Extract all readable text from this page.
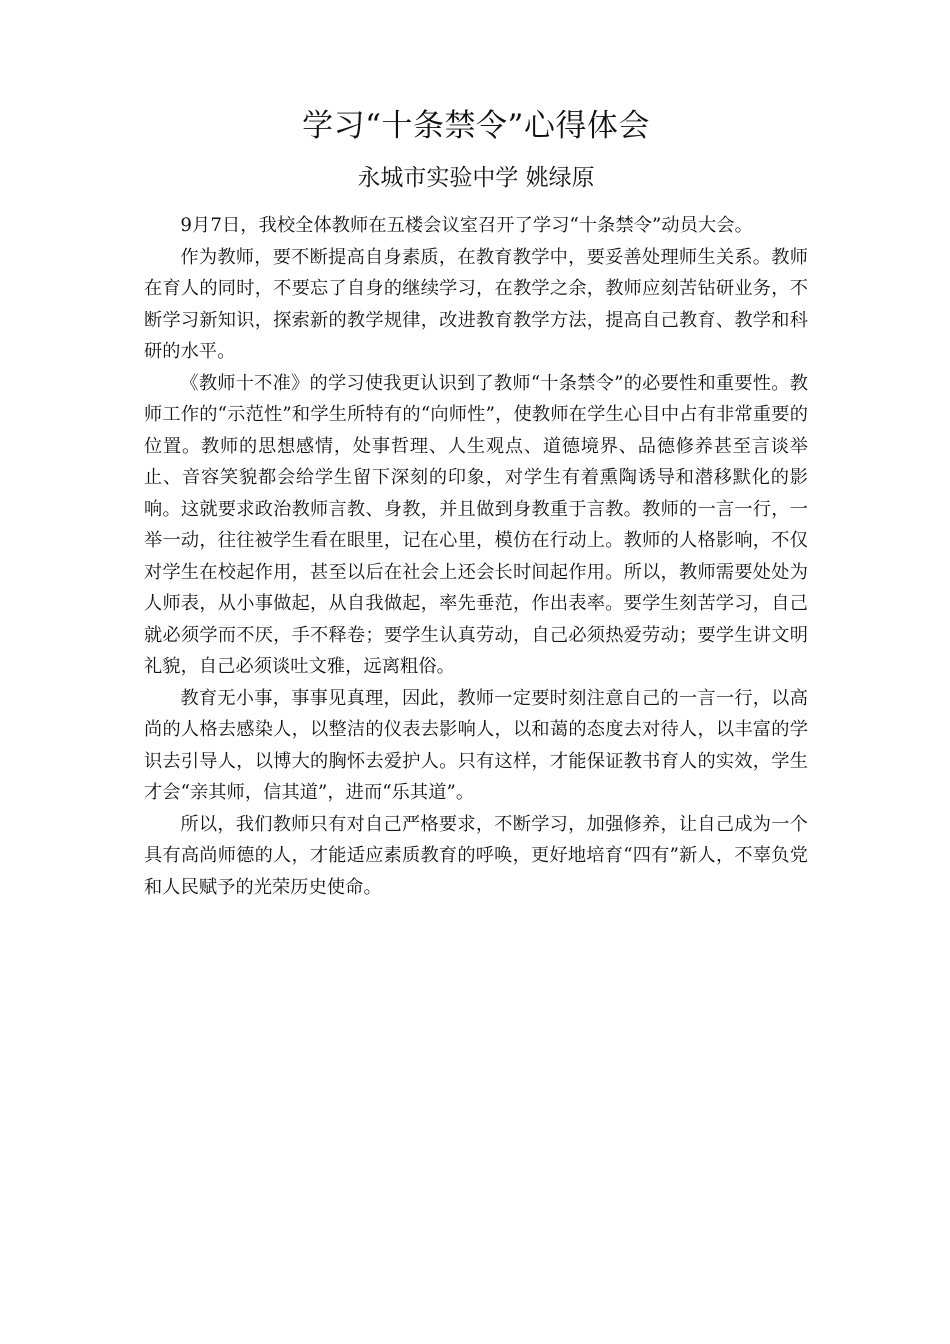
学习“十条禁令”心得体会
永城市实验中学 姚绿原

9月7日，我校全体教师在五楼会议室召开了学习“十条禁令”动员大会。

作为教师，要不断提高自身素质，在教育教学中，要妥善处理师生关系。教师在育人的同时，不要忘了自身的继续学习，在教学之余，教师应刻苦钻研业务，不断学习新知识，探索新的教学规律，改进教育教学方法，提高自己教育、教学和科研的水平。

《教师十不准》的学习使我更认识到了教师“十条禁令”的必要性和重要性。教师工作的“示范性”和学生所特有的“向师性”，使教师在学生心目中占有非常重要的位置。教师的思想感情，处事哲理、人生观点、道德境界、品德修养甚至言谈举止、音容笑貌都会给学生留下深刻的印象，对学生有着熏陶诱导和潜移默化的影响。这就要求政治教师言教、身教，并且做到身教重于言教。教师的一言一行，一举一动，往往被学生看在眼里，记在心里，模仿在行动上。教师的人格影响，不仅对学生在校起作用，甚至以后在社会上还会长时间起作用。所以，教师需要处处为人师表，从小事做起，从自我做起，率先垂范，作出表率。要学生刻苦学习，自己就必须学而不厌，手不释卷；要学生认真劳动，自己必须热爱劳动；要学生讲文明礼貌，自己必须谈吐文雅，远离粗俗。

教育无小事，事事见真理，因此，教师一定要时刻注意自己的一言一行，以高尚的人格去感染人，以整洁的仪表去影响人，以和蔼的态度去对待人，以丰富的学识去引导人，以博大的胸怀去爱护人。只有这样，才能保证教书育人的实效，学生才会“亲其师，信其道”，进而“乐其道”。

所以，我们教师只有对自己严格要求，不断学习，加强修养，让自己成为一个具有高尚师德的人，才能适应素质教育的呼唤，更好地培育“四有”新人，不辜负党和人民赋予的光荣历史使命。
